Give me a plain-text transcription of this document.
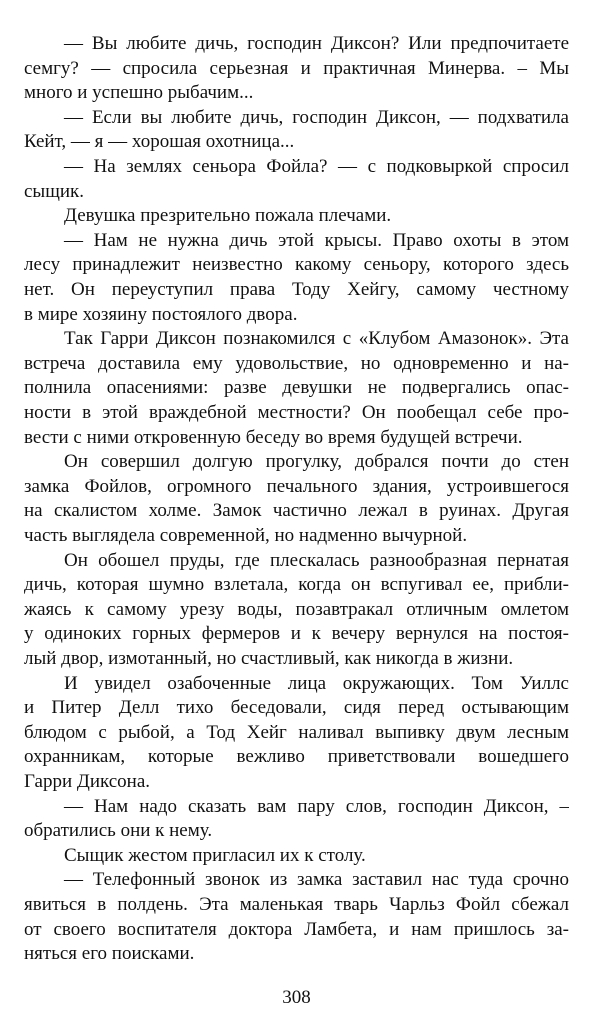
— Вы любите дичь, господин Диксон? Или предпочитаете
семгу? — спросила серьезная и практичная Минерва. – Мы
много и успешно рыбачим...
— Если вы любите дичь, господин Диксон, — подхватила
Кейт, — я — хорошая охотница...
— На землях сеньора Фойла? — с подковыркой спросил
сыщик.
Девушка презрительно пожала плечами.
— Нам не нужна дичь этой крысы. Право охоты в этом
лесу принадлежит неизвестно какому сеньору, которого здесь
нет. Он переуступил права Тоду Хейгу, самому честному
в мире хозяину постоялого двора.
Так Гарри Диксон познакомился с «Клубом Амазонок». Эта
встреча доставила ему удовольствие, но одновременно и на-
полнила опасениями: разве девушки не подвергались опас-
ности в этой враждебной местности? Он пообещал себе про-
вести с ними откровенную беседу во время будущей встречи.
Он совершил долгую прогулку, добрался почти до стен
замка Фойлов, огромного печального здания, устроившегося
на скалистом холме. Замок частично лежал в руинах. Другая
часть выглядела современной, но надменно вычурной.
Он обошел пруды, где плескалась разнообразная пернатая
дичь, которая шумно взлетала, когда он вспугивал ее, прибли-
жаясь к самому урезу воды, позавтракал отличным омлетом
у одиноких горных фермеров и к вечеру вернулся на постоя-
лый двор, измотанный, но счастливый, как никогда в жизни.
И увидел озабоченные лица окружающих. Том Уиллс
и Питер Делл тихо беседовали, сидя перед остывающим
блюдом с рыбой, а Тод Хейг наливал выпивку двум лесным
охранникам, которые вежливо приветствовали вошедшего
Гарри Диксона.
— Нам надо сказать вам пару слов, господин Диксон, –
обратились они к нему.
Сыщик жестом пригласил их к столу.
— Телефонный звонок из замка заставил нас туда срочно
явиться в полдень. Эта маленькая тварь Чарльз Фойл сбежал
от своего воспитателя доктора Ламбета, и нам пришлось за-
няться его поисками.
308
